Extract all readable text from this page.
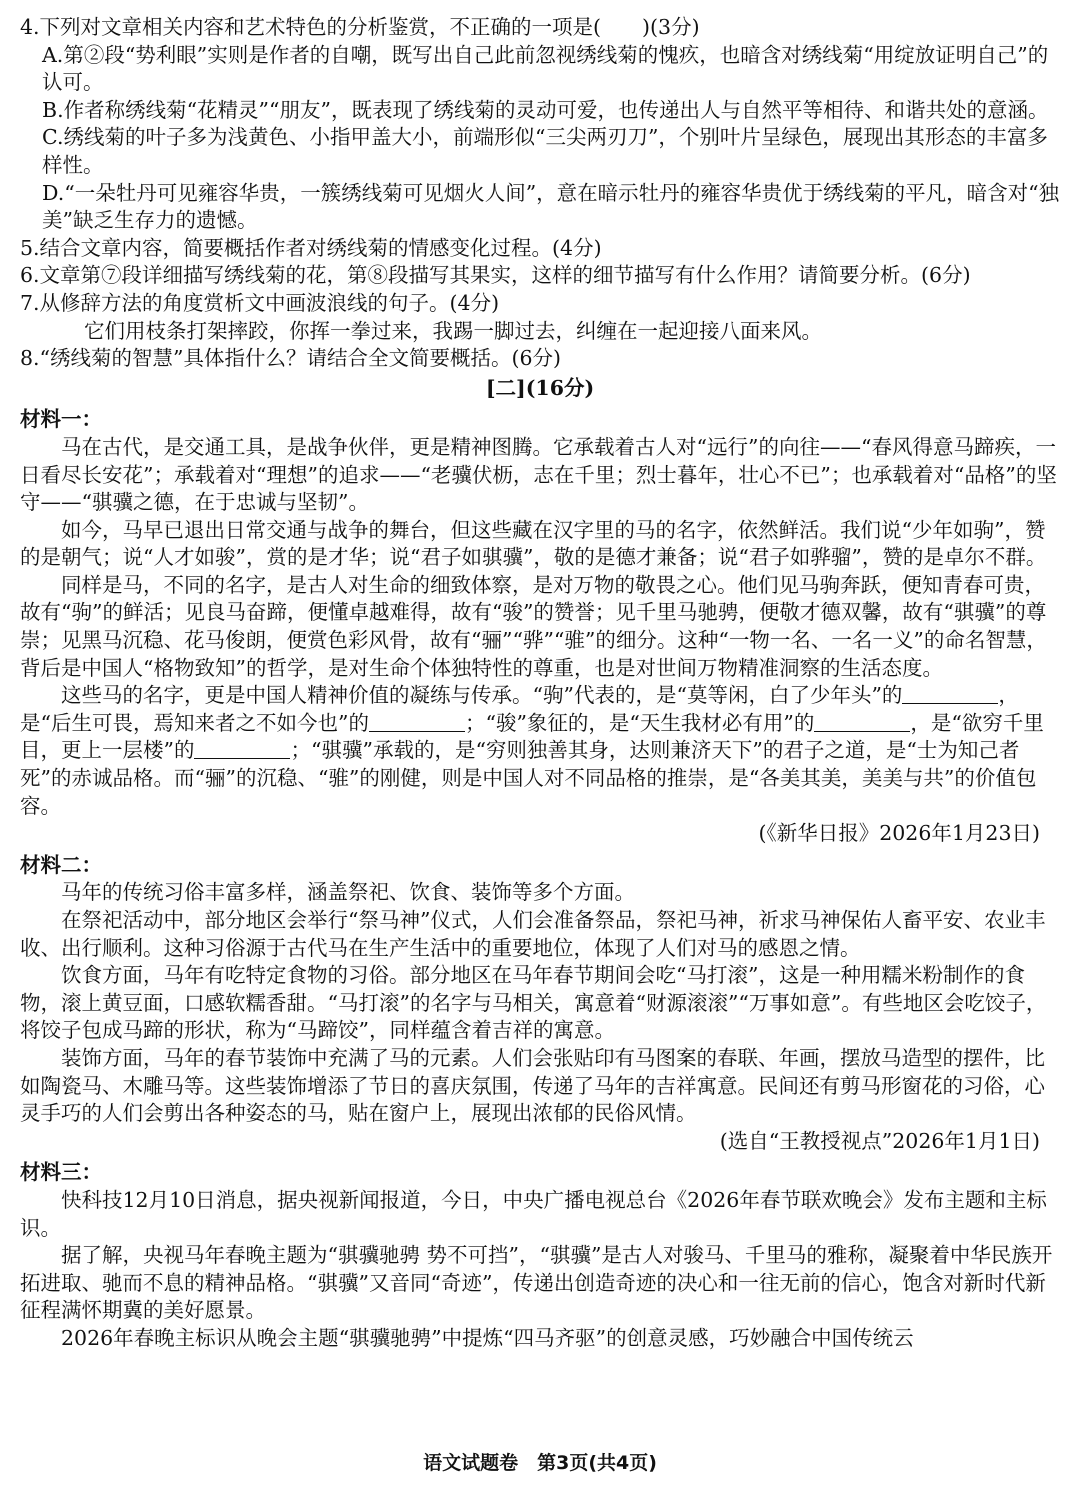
4.下列对文章相关内容和艺术特色的分析鉴赏，不正确的一项是(　　)(3分)

A.第②段“势利眼”实则是作者的自嘲，既写出自己此前忽视绣线菊的愧疚，也暗含对绣线菊“用绽放证明自己”的认可。

B.作者称绣线菊“花精灵”“朋友”，既表现了绣线菊的灵动可爱，也传递出人与自然平等相待、和谐共处的意涵。

C.绣线菊的叶子多为浅黄色、小指甲盖大小，前端形似“三尖两刃刀”，个别叶片呈绿色，展现出其形态的丰富多样性。

D.“一朵牡丹可见雍容华贵，一簇绣线菊可见烟火人间”，意在暗示牡丹的雍容华贵优于绣线菊的平凡，暗含对“独美”缺乏生存力的遗憾。

5.结合文章内容，简要概括作者对绣线菊的情感变化过程。(4分)

6.文章第⑦段详细描写绣线菊的花，第⑧段描写其果实，这样的细节描写有什么作用？请简要分析。(6分)

7.从修辞方法的角度赏析文中画波浪线的句子。(4分)

它们用枝条打架摔跤，你挥一拳过来，我踢一脚过去，纠缠在一起迎接八面来风。

8.“绣线菊的智慧”具体指什么？请结合全文简要概括。(6分)

[二](16分)

材料一：

马在古代，是交通工具，是战争伙伴，更是精神图腾。它承载着古人对“远行”的向往——“春风得意马蹄疾，一日看尽长安花”；承载着对“理想”的追求——“老骥伏枥，志在千里；烈士暮年，壮心不已”；也承载着对“品格”的坚守——“骐骥之德，在于忠诚与坚韧”。

如今，马早已退出日常交通与战争的舞台，但这些藏在汉字里的马的名字，依然鲜活。我们说“少年如驹”，赞的是朝气；说“人才如骏”，赏的是才华；说“君子如骐骥”，敬的是德才兼备；说“君子如骅骝”，赞的是卓尔不群。

同样是马，不同的名字，是古人对生命的细致体察，是对万物的敬畏之心。他们见马驹奔跃，便知青春可贵，故有“驹”的鲜活；见良马奋蹄，便懂卓越难得，故有“骏”的赞誉；见千里马驰骋，便敬才德双馨，故有“骐骥”的尊崇；见黑马沉稳、花马俊朗，便赏色彩风骨，故有“骊”“骅”“骓”的细分。这种“一物一名、一名一义”的命名智慧，背后是中国人“格物致知”的哲学，是对生命个体独特性的尊重，也是对世间万物精准洞察的生活态度。

这些马的名字，更是中国人精神价值的凝练与传承。“驹”代表的，是“莫等闲，白了少年头”的	，是“后生可畏，焉知来者之不如今也”的	；“骏”象征的，是“天生我材必有用”的	，是“欲穷千里目，更上一层楼”的	；“骐骥”承载的，是“穷则独善其身，达则兼济天下”的君子之道，是“士为知己者死”的赤诚品格。而“骊”的沉稳、“骓”的刚健，则是中国人对不同品格的推崇，是“各美其美，美美与共”的价值包容。

(《新华日报》2026年1月23日)

材料二：

马年的传统习俗丰富多样，涵盖祭祀、饮食、装饰等多个方面。

在祭祀活动中，部分地区会举行“祭马神”仪式，人们会准备祭品，祭祀马神，祈求马神保佑人畜平安、农业丰收、出行顺利。这种习俗源于古代马在生产生活中的重要地位，体现了人们对马的感恩之情。

饮食方面，马年有吃特定食物的习俗。部分地区在马年春节期间会吃“马打滚”，这是一种用糯米粉制作的食物，滚上黄豆面，口感软糯香甜。“马打滚”的名字与马相关，寓意着“财源滚滚”“万事如意”。有些地区会吃饺子，将饺子包成马蹄的形状，称为“马蹄饺”，同样蕴含着吉祥的寓意。

装饰方面，马年的春节装饰中充满了马的元素。人们会张贴印有马图案的春联、年画，摆放马造型的摆件，比如陶瓷马、木雕马等。这些装饰增添了节日的喜庆氛围，传递了马年的吉祥寓意。民间还有剪马形窗花的习俗，心灵手巧的人们会剪出各种姿态的马，贴在窗户上，展现出浓郁的民俗风情。

(选自“王教授视点”2026年1月1日)

材料三：

快科技12月10日消息，据央视新闻报道，今日，中央广播电视总台《2026年春节联欢晚会》发布主题和主标识。

据了解，央视马年春晚主题为“骐骥驰骋 势不可挡”，“骐骥”是古人对骏马、千里马的雅称，凝聚着中华民族开拓进取、驰而不息的精神品格。“骐骥”又音同“奇迹”，传递出创造奇迹的决心和一往无前的信心，饱含对新时代新征程满怀期冀的美好愿景。

2026年春晚主标识从晚会主题“骐骥驰骋”中提炼“四马齐驱”的创意灵感，巧妙融合中国传统云

语文试题卷　第3页(共4页)
